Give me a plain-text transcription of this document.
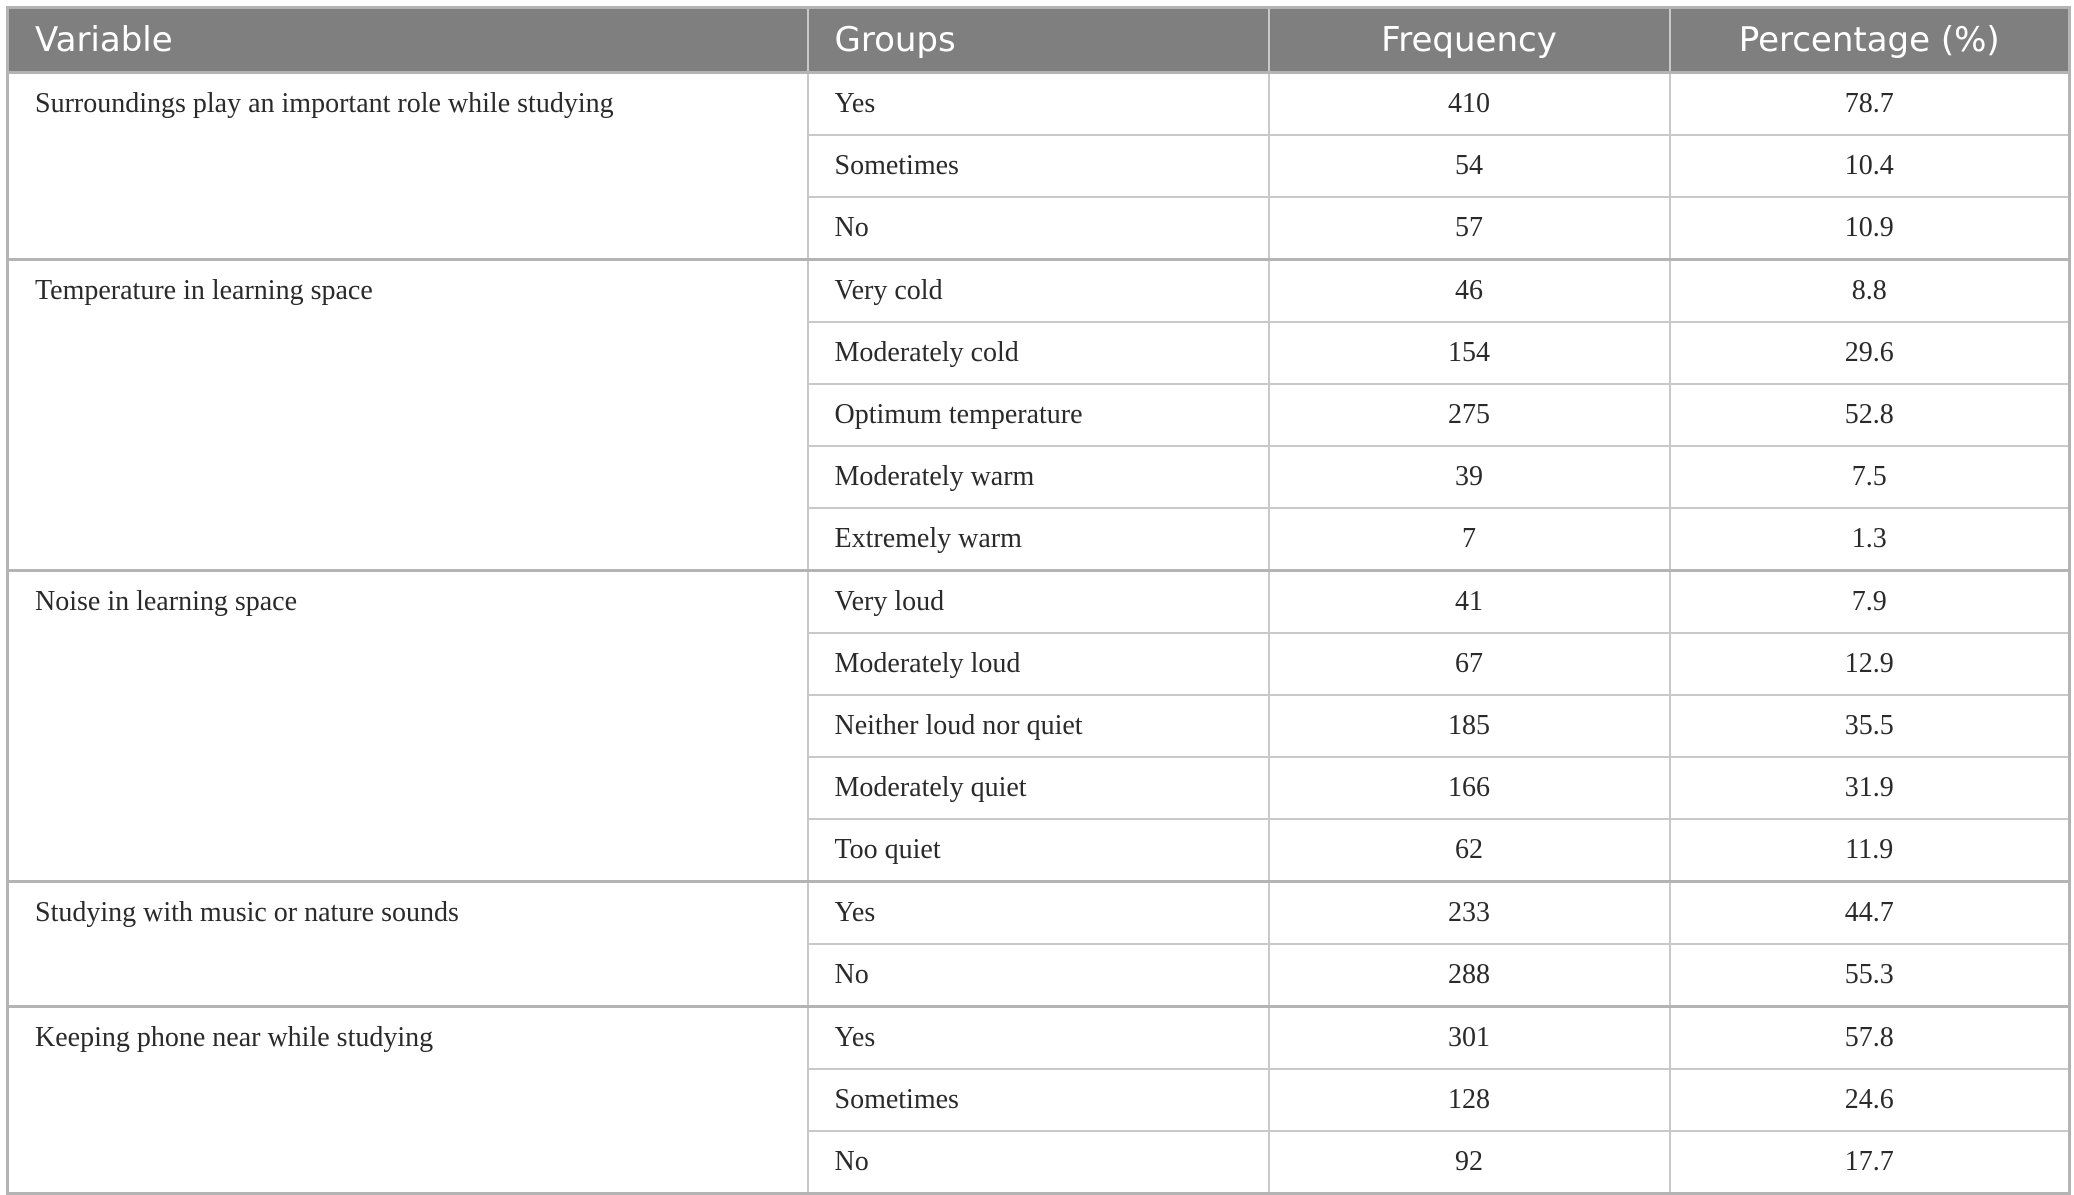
Variable	Groups	Frequency	Percentage (%)
Surroundings play an important role while studying	Yes	410	78.7
	Sometimes	54	10.4
	No	57	10.9
Temperature in learning space	Very cold	46	8.8
	Moderately cold	154	29.6
	Optimum temperature	275	52.8
	Moderately warm	39	7.5
	Extremely warm	7	1.3
Noise in learning space	Very loud	41	7.9
	Moderately loud	67	12.9
	Neither loud nor quiet	185	35.5
	Moderately quiet	166	31.9
	Too quiet	62	11.9
Studying with music or nature sounds	Yes	233	44.7
	No	288	55.3
Keeping phone near while studying	Yes	301	57.8
	Sometimes	128	24.6
	No	92	17.7
